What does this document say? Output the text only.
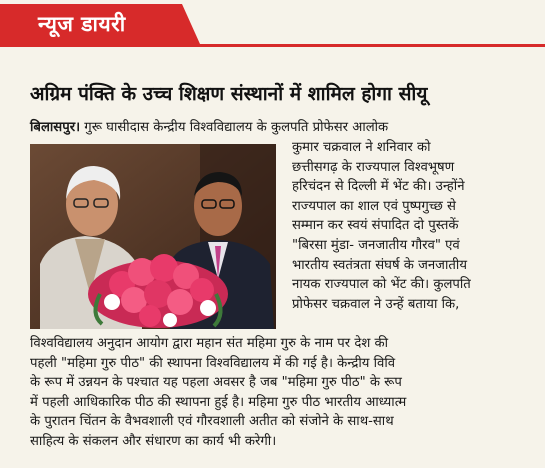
न्यूज डायरी
अग्रिम पंक्ति के उच्च शिक्षण संस्थानों में शामिल होगा सीयू
बिलासपुर। गुरू घासीदास केन्द्रीय विश्वविद्यालय के कुलपति प्रोफेसर आलोक
कुमार चक्रवाल ने शनिवार को
छत्तीसगढ़ के राज्यपाल विश्वभूषण
हरिचंदन से दिल्ली में भेंट की। उन्होंने
राज्यपाल का शाल एवं पुष्पगुच्छ से
सम्मान कर स्वयं संपादित दो पुस्तकें
"बिरसा मुंडा- जनजातीय गौरव" एवं
भारतीय स्वतंत्रता संघर्ष के जनजातीय
नायक राज्यपाल को भेंट की। कुलपति
प्रोफेसर चक्रवाल ने उन्हें बताया कि,
विश्वविद्यालय अनुदान आयोग द्वारा महान संत महिमा गुरु के नाम पर देश की
पहली "महिमा गुरु पीठ" की स्थापना विश्वविद्यालय में की गई है। केन्द्रीय विवि
के रूप में उन्नयन के पश्चात यह पहला अवसर है जब "महिमा गुरु पीठ" के रूप
में पहली आधिकारिक पीठ की स्थापना हुई है। महिमा गुरु पीठ भारतीय आध्यात्म
के पुरातन चिंतन के वैभवशाली एवं गौरवशाली अतीत को संजोने के साथ-साथ
साहित्य के संकलन और संधारण का कार्य भी करेगी।
